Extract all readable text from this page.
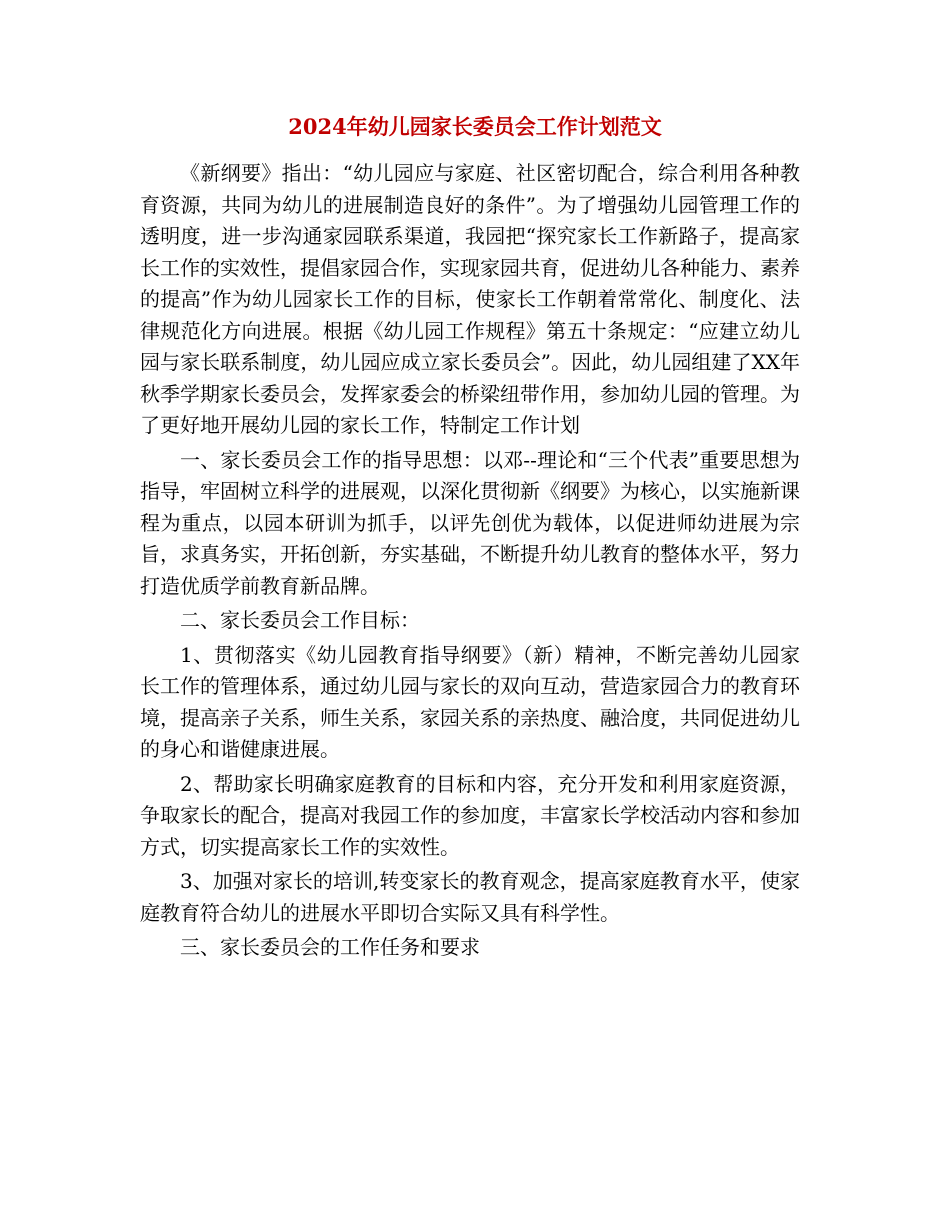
2024年幼儿园家长委员会工作计划范文

《新纲要》指出：“幼儿园应与家庭、社区密切配合，综合利用各种教育资源，共同为幼儿的进展制造良好的条件”。为了增强幼儿园管理工作的透明度，进一步沟通家园联系渠道，我园把“探究家长工作新路子，提高家长工作的实效性，提倡家园合作，实现家园共育，促进幼儿各种能力、素养的提高”作为幼儿园家长工作的目标，使家长工作朝着常常化、制度化、法律规范化方向进展。根据《幼儿园工作规程》第五十条规定：“应建立幼儿园与家长联系制度，幼儿园应成立家长委员会”。因此，幼儿园组建了XX年秋季学期家长委员会，发挥家委会的桥梁纽带作用，参加幼儿园的管理。为了更好地开展幼儿园的家长工作，特制定工作计划

一、家长委员会工作的指导思想：以邓--理论和“三个代表”重要思想为指导，牢固树立科学的进展观，以深化贯彻新《纲要》为核心，以实施新课程为重点，以园本研训为抓手，以评先创优为载体，以促进师幼进展为宗旨，求真务实，开拓创新，夯实基础，不断提升幼儿教育的整体水平，努力打造优质学前教育新品牌。

二、家长委员会工作目标：

1、贯彻落实《幼儿园教育指导纲要》（新）精神，不断完善幼儿园家长工作的管理体系，通过幼儿园与家长的双向互动，营造家园合力的教育环境，提高亲子关系，师生关系，家园关系的亲热度、融洽度，共同促进幼儿的身心和谐健康进展。

2、帮助家长明确家庭教育的目标和内容，充分开发和利用家庭资源，争取家长的配合，提高对我园工作的参加度，丰富家长学校活动内容和参加方式，切实提高家长工作的实效性。

3、加强对家长的培训,转变家长的教育观念，提高家庭教育水平，使家庭教育符合幼儿的进展水平即切合实际又具有科学性。

三、家长委员会的工作任务和要求
